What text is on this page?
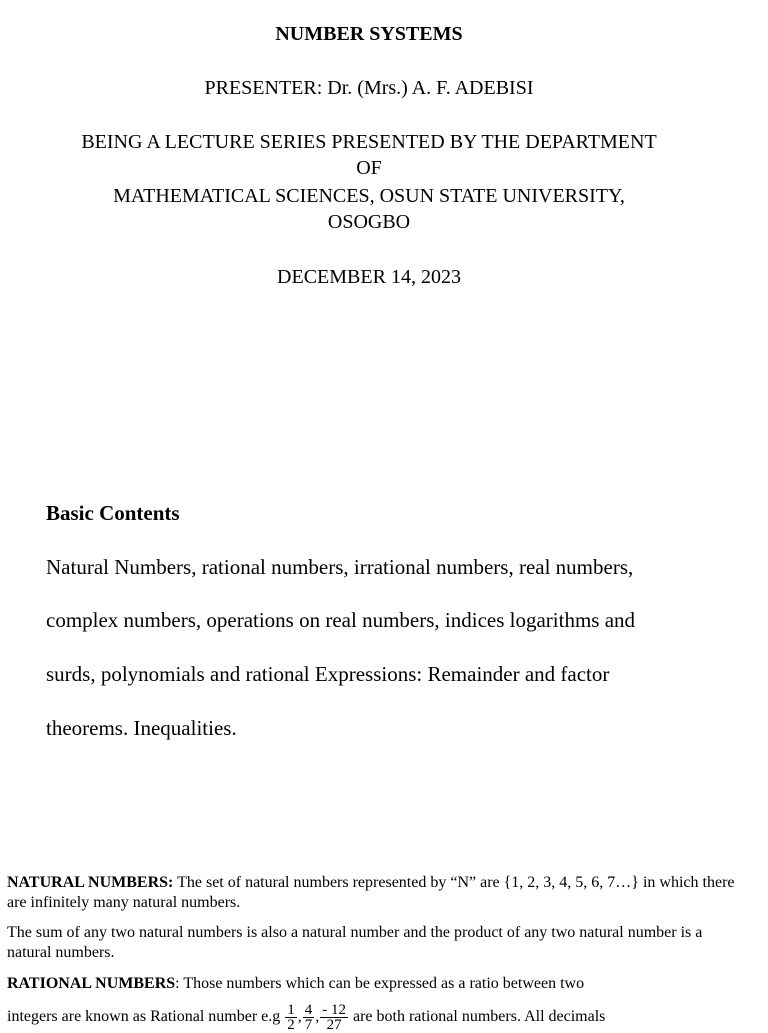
NUMBER SYSTEMS
PRESENTER: Dr. (Mrs.) A. F. ADEBISI
BEING A LECTURE SERIES PRESENTED BY THE DEPARTMENT
OF
MATHEMATICAL SCIENCES, OSUN STATE UNIVERSITY,
OSOGBO
DECEMBER 14, 2023
Basic Contents
Natural Numbers, rational numbers, irrational numbers, real numbers,
complex numbers, operations on real numbers, indices logarithms and
surds, polynomials and rational Expressions: Remainder and factor
theorems. Inequalities.
NATURAL NUMBERS: The set of natural numbers represented by “N” are {1, 2, 3, 4, 5, 6, 7…} in which there are infinitely many natural numbers.
The sum of any two natural numbers is also a natural number and the product of any two natural number is a natural numbers.
RATIONAL NUMBERS: Those numbers which can be expressed as a ratio between two
integers are known as Rational number $e.g \frac{1}{2}$ , $\frac{4}{7}$ , $\frac{- 12}{27}$ are both rational numbers. All decimals
